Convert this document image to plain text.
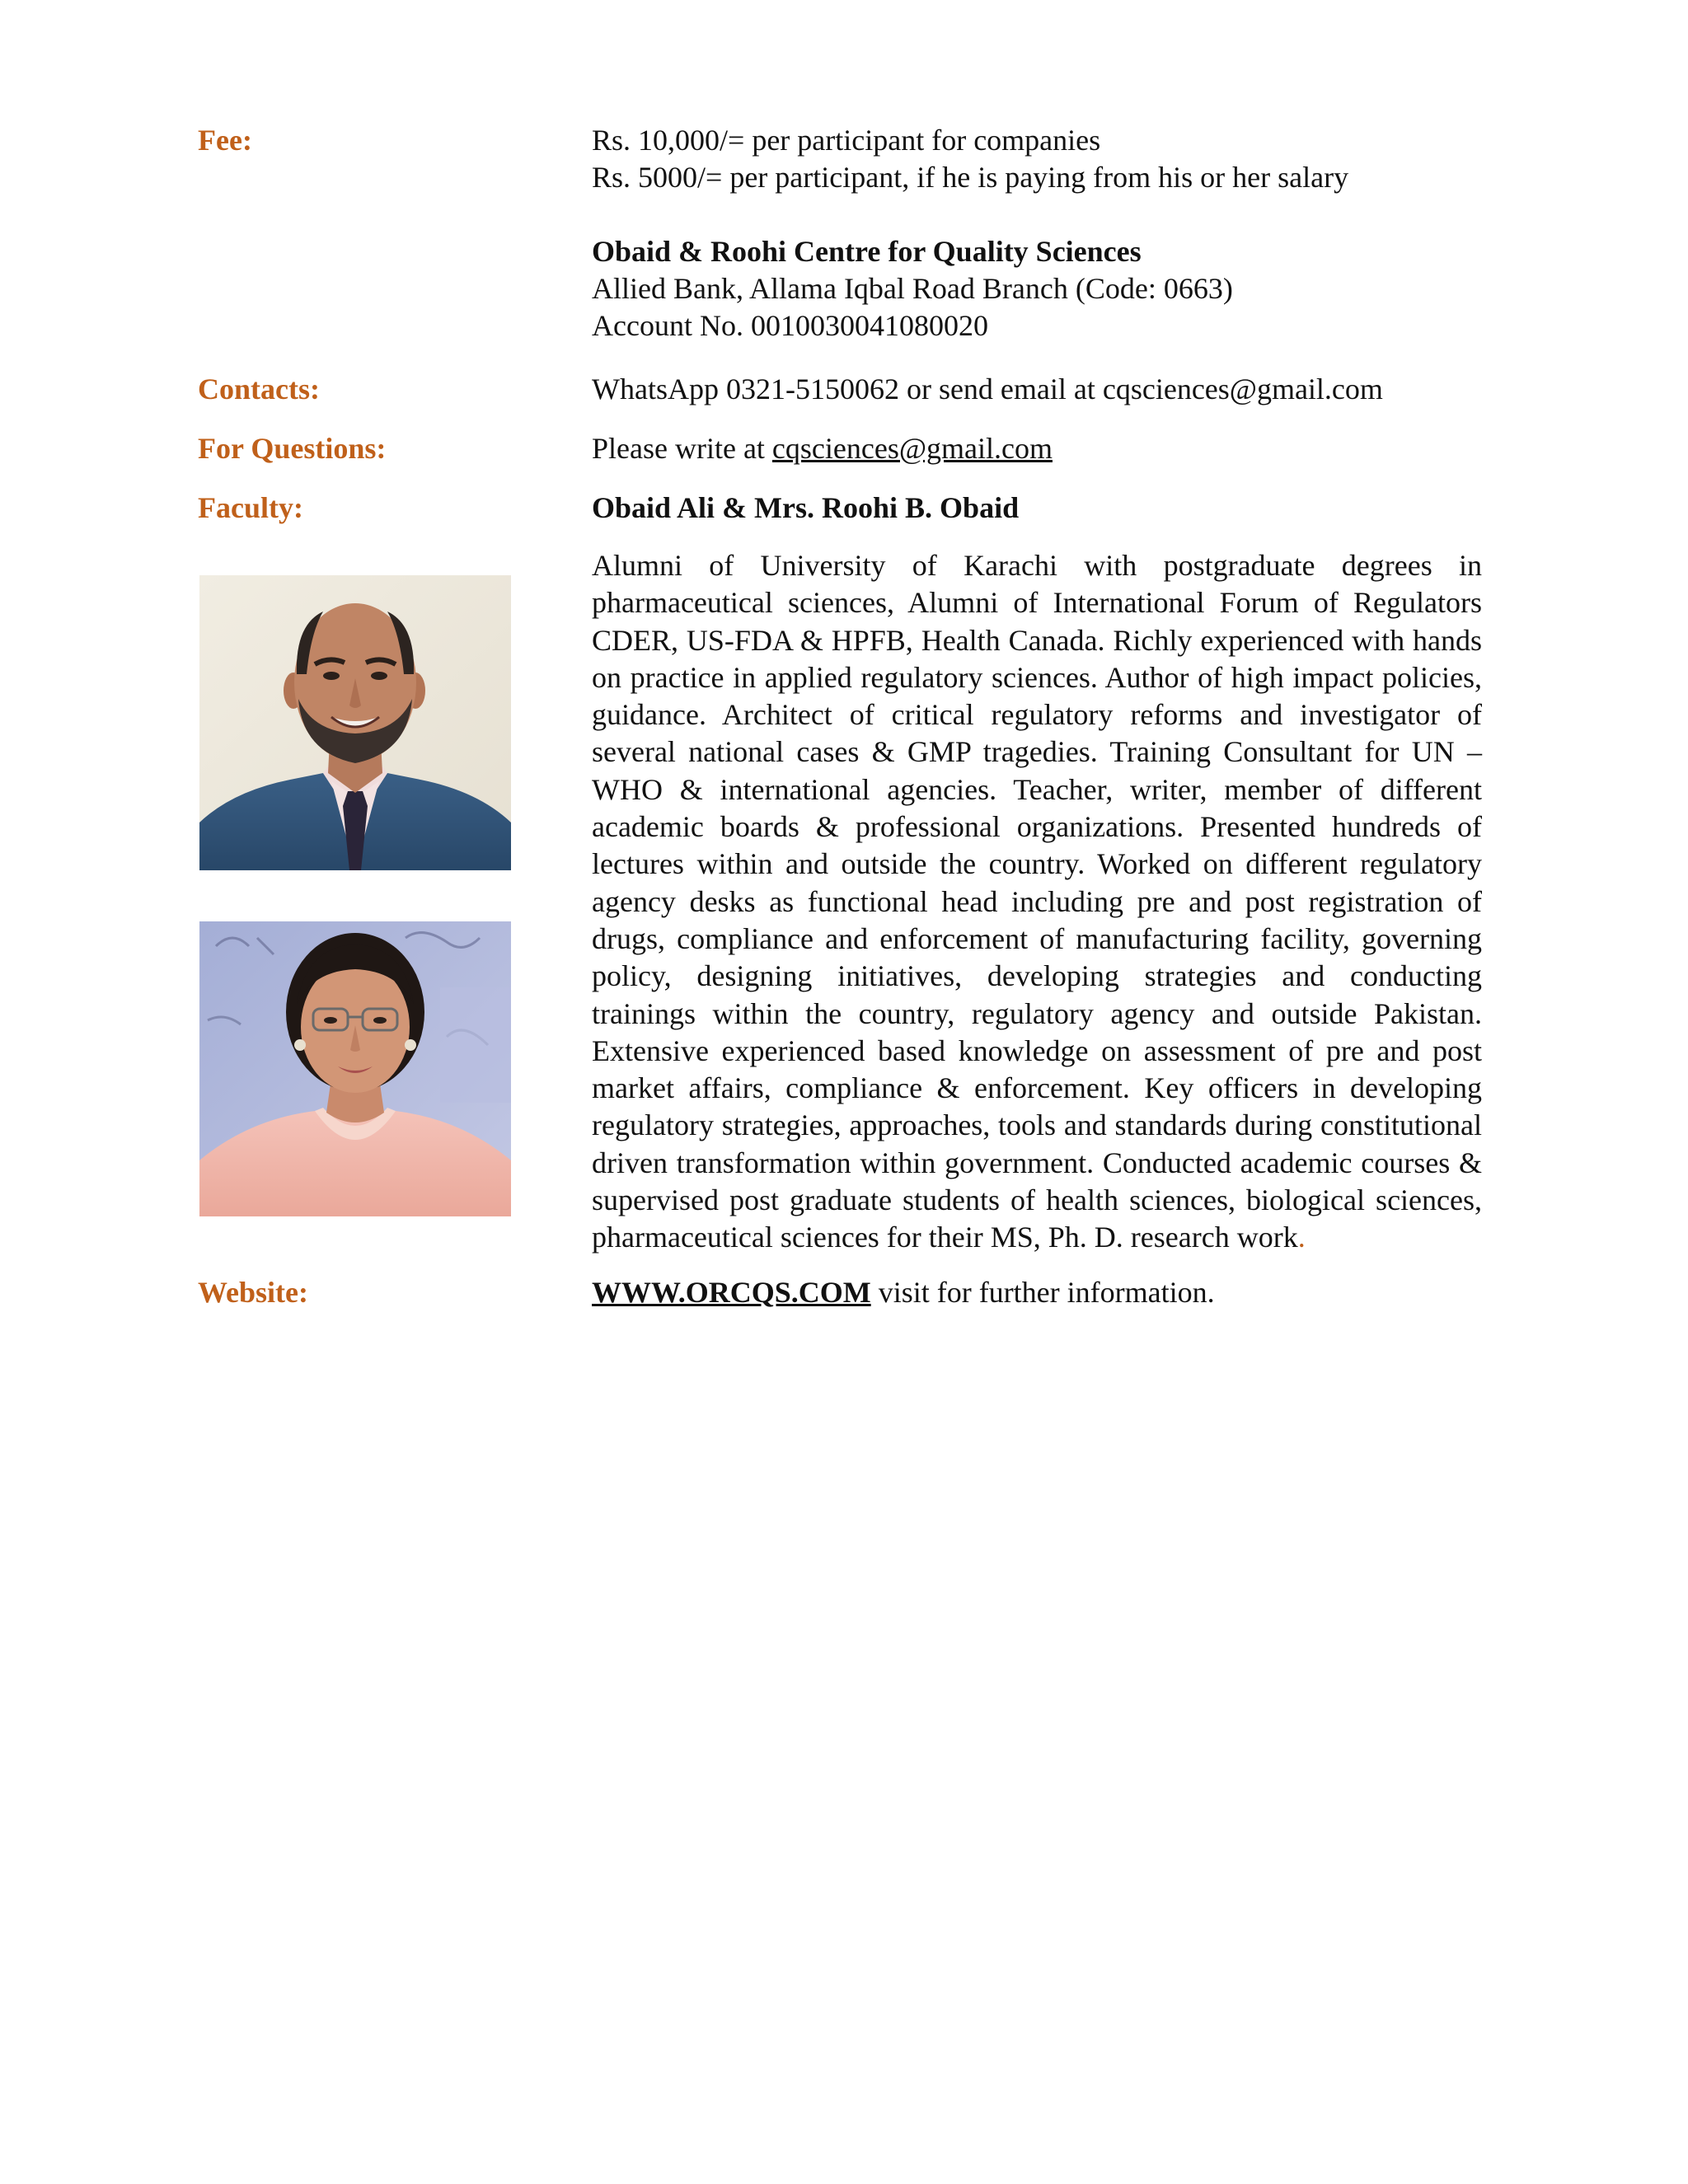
Fee:	Rs. 10,000/= per participant for companies
Rs. 5000/= per participant, if he is paying from his or her salary
Obaid & Roohi Centre for Quality Sciences
Allied Bank, Allama Iqbal Road Branch (Code: 0663)
Account No. 0010030041080020
Contacts:	WhatsApp 0321-5150062 or send email at cqsciences@gmail.com
For Questions:	Please write at cqsciences@gmail.com
Faculty:	Obaid Ali & Mrs. Roohi B. Obaid
Alumni of University of Karachi with postgraduate degrees in pharmaceutical sciences, Alumni of International Forum of Regulators CDER, US-FDA & HPFB, Health Canada. Richly experienced with hands on practice in applied regulatory sciences. Author of high impact policies, guidance. Architect of critical regulatory reforms and investigator of several national cases & GMP tragedies. Training Consultant for UN – WHO & international agencies. Teacher, writer, member of different academic boards & professional organizations. Presented hundreds of lectures within and outside the country. Worked on different regulatory agency desks as functional head including pre and post registration of drugs, compliance and enforcement of manufacturing facility, governing policy, designing initiatives, developing strategies and conducting trainings within the country, regulatory agency and outside Pakistan. Extensive experienced based knowledge on assessment of pre and post market affairs, compliance & enforcement. Key officers in developing regulatory strategies, approaches, tools and standards during constitutional driven transformation within government. Conducted academic courses & supervised post graduate students of health sciences, biological sciences, pharmaceutical sciences for their MS, Ph. D. research work.
Website:	WWW.ORCQS.COM visit for further information.
